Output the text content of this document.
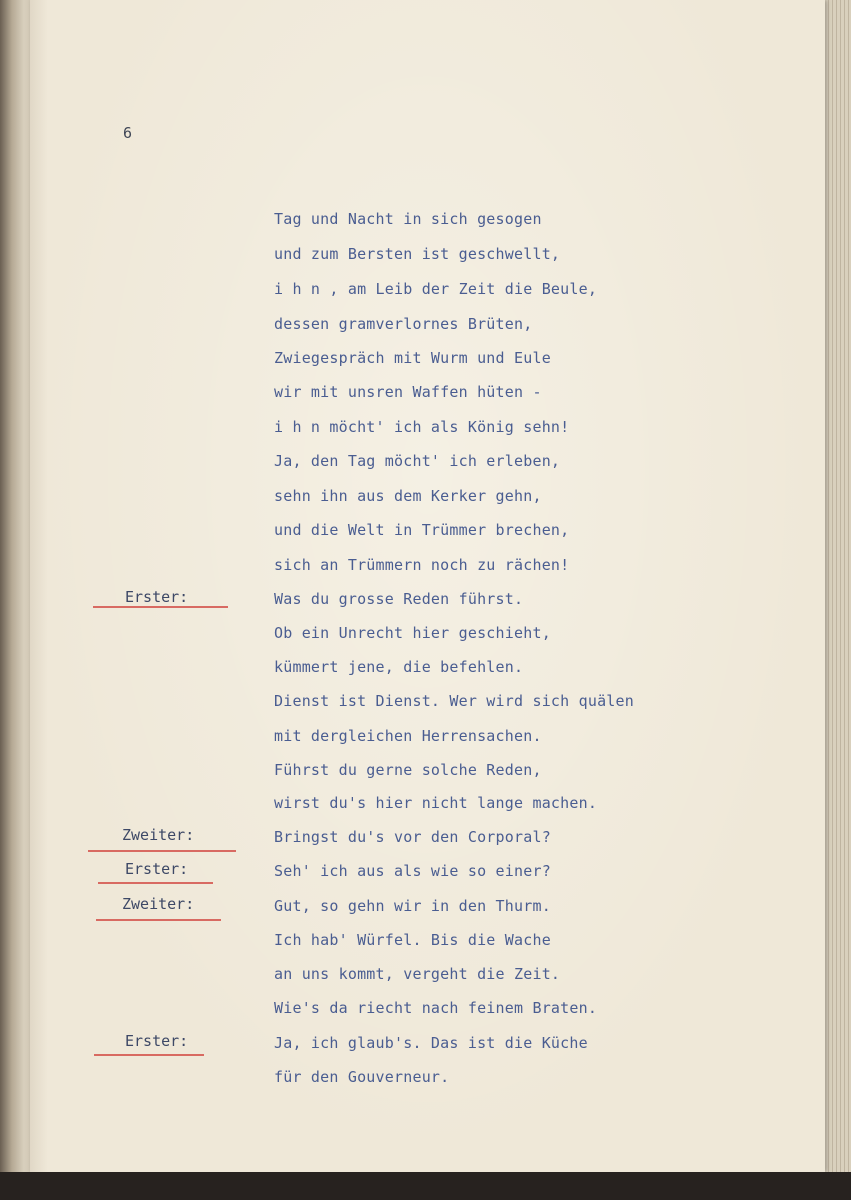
6
Tag und Nacht in sich gesogen
und zum Bersten ist geschwellt,
i h n , am Leib der Zeit die Beule,
dessen gramverlornes Brüten,
Zwiegespräch mit Wurm und Eule
wir mit unsren Waffen hüten -
i h n möcht' ich als König sehn!
Ja, den Tag möcht' ich erleben,
sehn ihn aus dem Kerker gehn,
und die Welt in Trümmer brechen,
sich an Trümmern noch zu rächen!
Was du grosse Reden führst.
Ob ein Unrecht hier geschieht,
kümmert jene, die befehlen.
Dienst ist Dienst. Wer wird sich quälen
mit dergleichen Herrensachen.
Führst du gerne solche Reden,
wirst du's hier nicht lange machen.
Bringst du's vor den Corporal?
Seh' ich aus als wie so einer?
Gut, so gehn wir in den Thurm.
Ich hab' Würfel. Bis die Wache
an uns kommt, vergeht die Zeit.
Wie's da riecht nach feinem Braten.
Ja, ich glaub's. Das ist die Küche
für den Gouverneur.
Erster:
Zweiter:
Erster:
Zweiter:
Erster:
